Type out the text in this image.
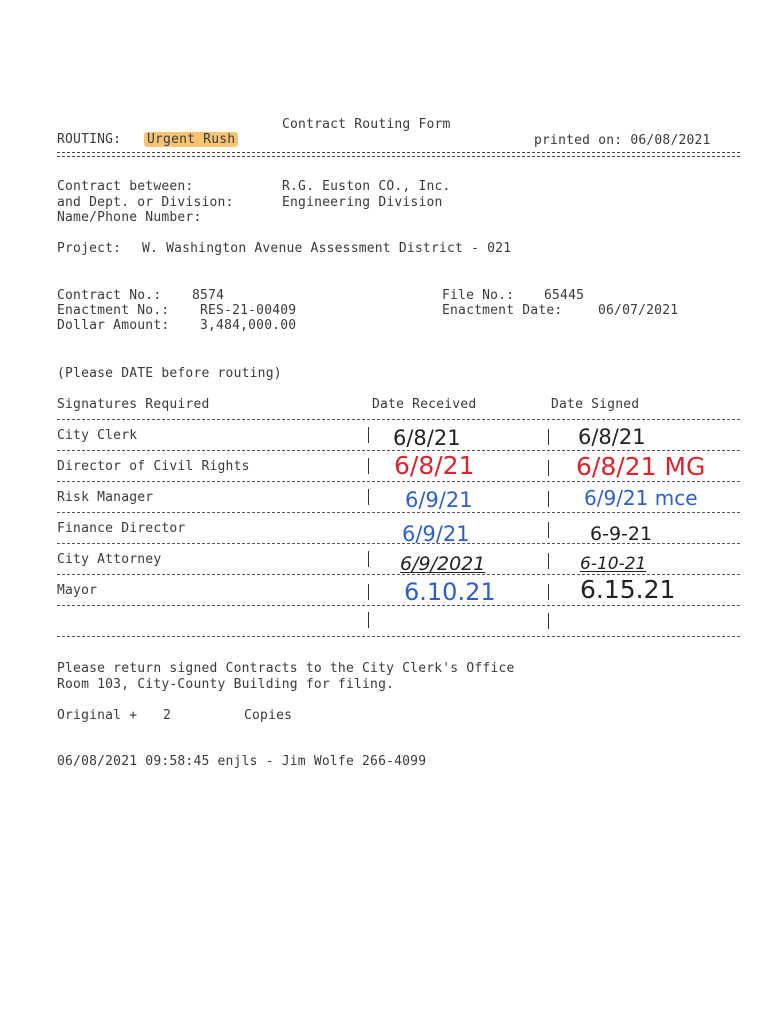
Contract Routing Form
ROUTING: Urgent Rush	printed on: 06/08/2021
Contract between:	R.G. Euston CO., Inc.
and Dept. or Division:	Engineering Division
Name/Phone Number:
Project: W. Washington Avenue Assessment District - 021
Contract No.: 8574
Enactment No.: RES-21-00409
Dollar Amount: 3,484,000.00
File No.: 65445
Enactment Date:	06/07/2021
(Please DATE before routing)
Signatures Required	Date Received	Date Signed
City Clerk	6/8/21	6/8/21
Director of Civil Rights	6/8/21	6/8/21 MG
Risk Manager	6/9/21	6/9/21 mce
Finance Director	6/9/21	6-9-21
City Attorney	6/9/2021	6-10-21
Mayor	6.10.21	6.15.21
Please return signed Contracts to the City Clerk's Office
Room 103, City-County Building for filing.
Original + 2	Copies
06/08/2021 09:58:45 enjls - Jim Wolfe 266-4099
